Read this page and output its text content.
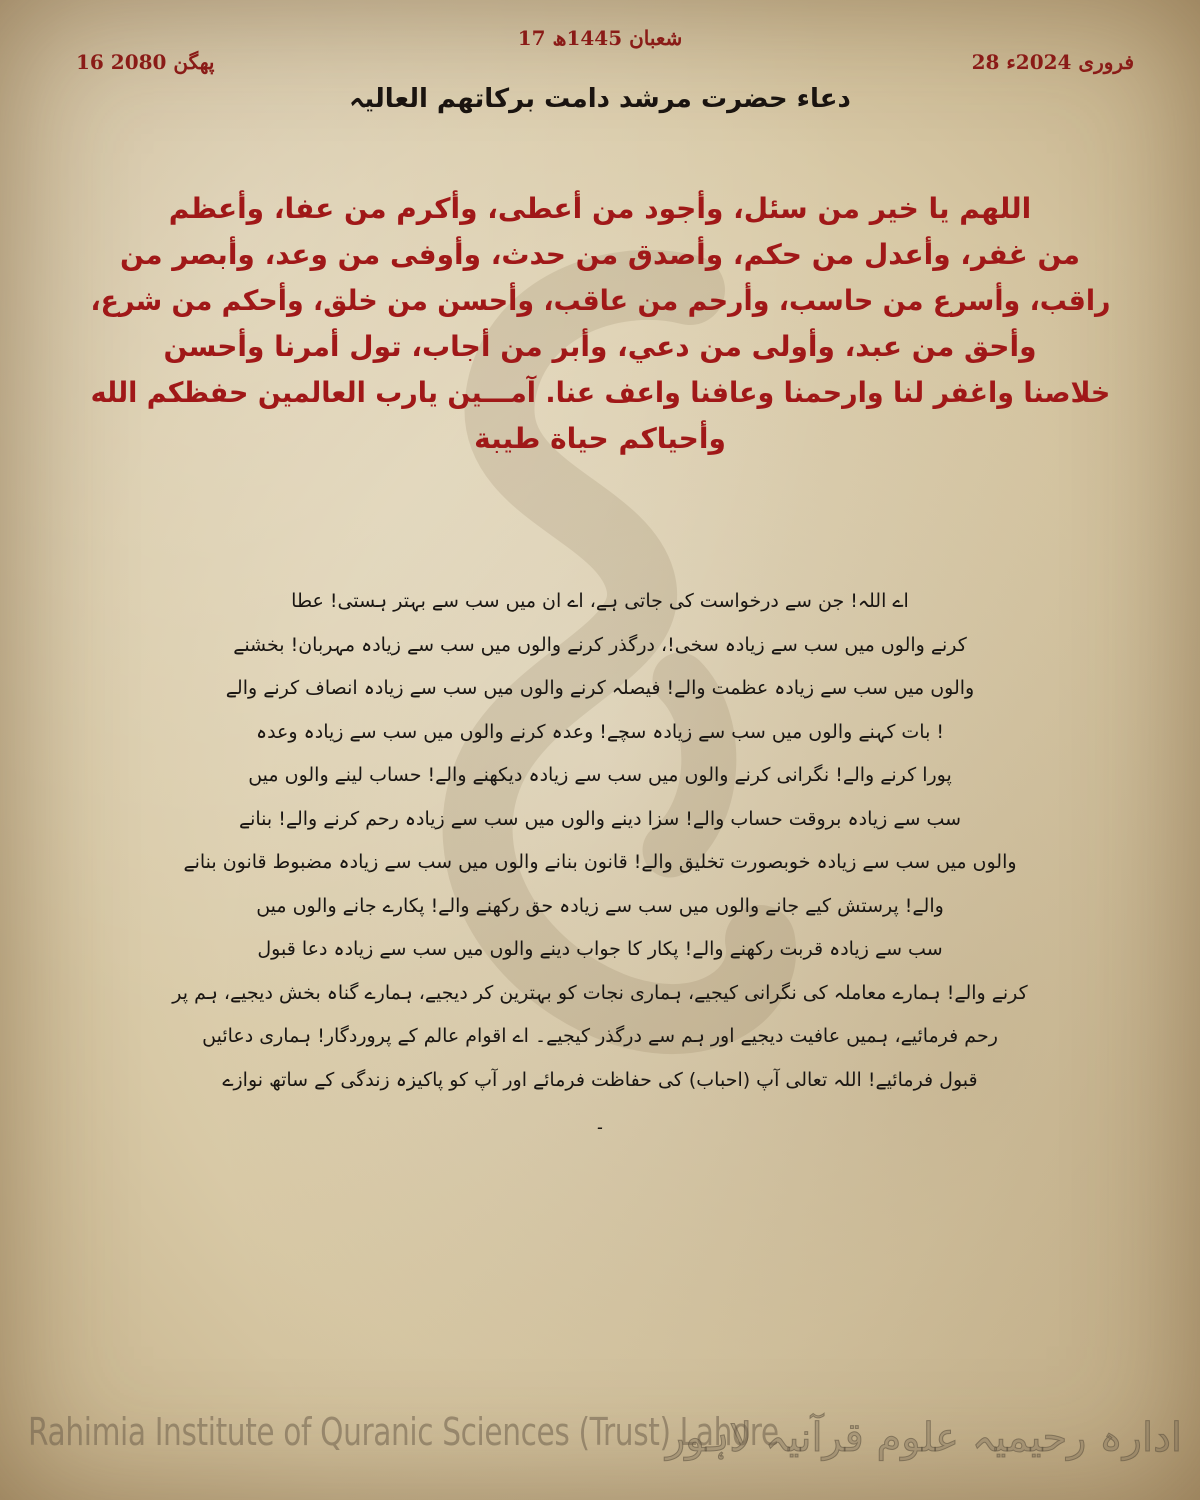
17 شعبان 1445ھ
28 فروری 2024ء
16 پھگن 2080
دعاء حضرت مرشد دامت برکاتھم العالیہ
اللهم يا خير من سئل، وأجود من أعطى، وأكرم من عفا، وأعظم
من غفر، وأعدل من حكم، وأصدق من حدث، وأوفى من وعد، وأبصر من
راقب، وأسرع من حاسب، وأرحم من عاقب، وأحسن من خلق، وأحكم من شرع،
وأحق من عبد، وأولى من دعي، وأبر من أجاب، تول أمرنا وأحسن
خلاصنا واغفر لنا وارحمنا وعافنا واعف عنا. آمـــين يارب العالمين حفظكم الله
وأحياكم حياة طيبة
اے اللہ! جن سے درخواست کی جاتی ہے، اے ان میں سب سے بہتر ہستی! عطا
کرنے والوں میں سب سے زیادہ سخی!، درگذر کرنے والوں میں سب سے زیادہ مہربان! بخشنے
والوں میں سب سے زیادہ عظمت والے! فیصلہ کرنے والوں میں سب سے زیادہ انصاف کرنے والے
! بات کہنے والوں میں سب سے زیادہ سچے! وعدہ کرنے والوں میں سب سے زیادہ وعدہ
پورا کرنے والے! نگرانی کرنے والوں میں سب سے زیادہ دیکھنے والے! حساب لینے والوں میں
سب سے زیادہ بروقت حساب والے! سزا دینے والوں میں سب سے زیادہ رحم کرنے والے! بنانے
والوں میں سب سے زیادہ خوبصورت تخلیق والے! قانون بنانے والوں میں سب سے زیادہ مضبوط قانون بنانے
والے! پرستش کیے جانے والوں میں سب سے زیادہ حق رکھنے والے! پکارے جانے والوں میں
سب سے زیادہ قربت رکھنے والے! پکار کا جواب دینے والوں میں سب سے زیادہ دعا قبول
کرنے والے! ہمارے معاملہ کی نگرانی کیجیے، ہماری نجات کو بہترین کر دیجیے، ہمارے گناہ بخش دیجیے، ہم پر
رحم فرمائیے، ہمیں عافیت دیجیے اور ہم سے درگذر کیجیے۔ اے اقوام عالم کے پروردگار! ہماری دعائیں
قبول فرمائیے! اللہ تعالی آپ (احباب) کی حفاظت فرمائے اور آپ کو پاکیزہ زندگی کے ساتھ نوازے
۔
Rahimia Institute of Quranic Sciences (Trust) Lahore
ادارہ رحیمیہ علوم قرآنیہ لاہور
